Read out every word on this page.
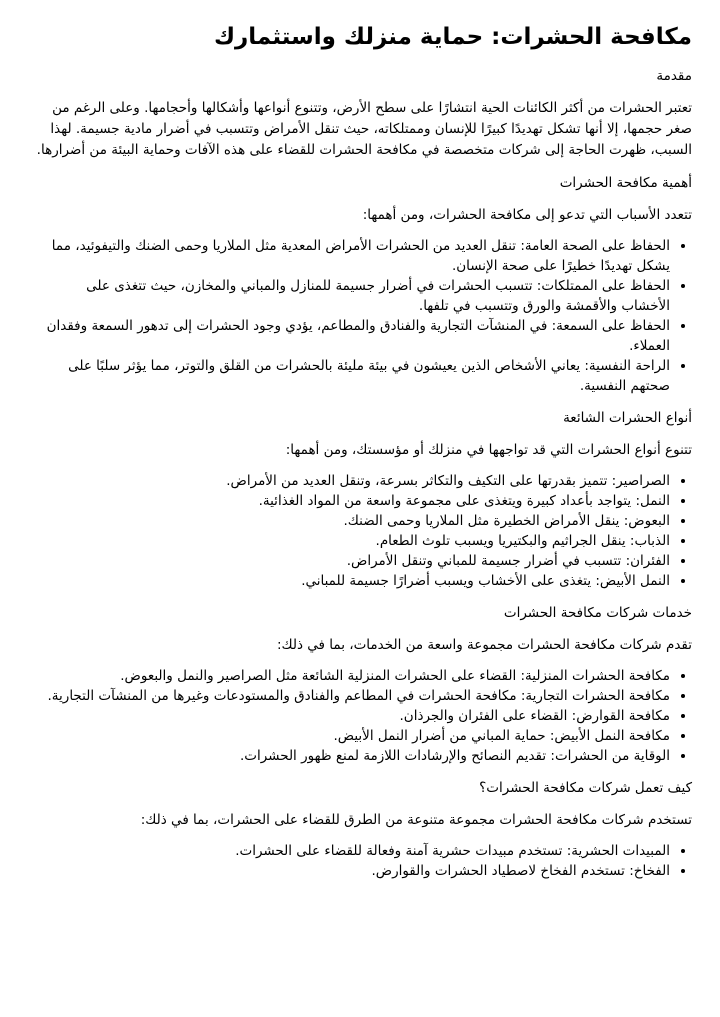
مكافحة الحشرات: حماية منزلك واستثمارك
مقدمة

تعتبر الحشرات من أكثر الكائنات الحية انتشارًا على سطح الأرض، وتتنوع أنواعها وأشكالها وأحجامها. وعلى الرغم من صغر حجمها، إلا أنها تشكل تهديدًا كبيرًا للإنسان وممتلكاته، حيث تنقل الأمراض وتتسبب في أضرار مادية جسيمة. لهذا السبب، ظهرت الحاجة إلى شركات متخصصة في مكافحة الحشرات للقضاء على هذه الآفات وحماية البيئة من أضرارها.

أهمية مكافحة الحشرات

تتعدد الأسباب التي تدعو إلى مكافحة الحشرات، ومن أهمها:

• الحفاظ على الصحة العامة: تنقل العديد من الحشرات الأمراض المعدية مثل الملاريا وحمى الضنك والتيفوئيد، مما يشكل تهديدًا خطيرًا على صحة الإنسان.
• الحفاظ على الممتلكات: تتسبب الحشرات في أضرار جسيمة للمنازل والمباني والمخازن، حيث تتغذى على الأخشاب والأقمشة والورق وتتسبب في تلفها.
• الحفاظ على السمعة: في المنشآت التجارية والفنادق والمطاعم، يؤدي وجود الحشرات إلى تدهور السمعة وفقدان العملاء.
• الراحة النفسية: يعاني الأشخاص الذين يعيشون في بيئة مليئة بالحشرات من القلق والتوتر، مما يؤثر سلبًا على صحتهم النفسية.
أنواع الحشرات الشائعة

تتنوع أنواع الحشرات التي قد تواجهها في منزلك أو مؤسستك، ومن أهمها:

• الصراصير: تتميز بقدرتها على التكيف والتكاثر بسرعة، وتنقل العديد من الأمراض.
• النمل: يتواجد بأعداد كبيرة ويتغذى على مجموعة واسعة من المواد الغذائية.
• البعوض: ينقل الأمراض الخطيرة مثل الملاريا وحمى الضنك.
• الذباب: ينقل الجراثيم والبكتيريا ويسبب تلوث الطعام.
• الفئران: تتسبب في أضرار جسيمة للمباني وتنقل الأمراض.
• النمل الأبيض: يتغذى على الأخشاب ويسبب أضرارًا جسيمة للمباني.
خدمات شركات مكافحة الحشرات

تقدم شركات مكافحة الحشرات مجموعة واسعة من الخدمات، بما في ذلك:

• مكافحة الحشرات المنزلية: القضاء على الحشرات المنزلية الشائعة مثل الصراصير والنمل والبعوض.
• مكافحة الحشرات التجارية: مكافحة الحشرات في المطاعم والفنادق والمستودعات وغيرها من المنشآت التجارية.
• مكافحة القوارض: القضاء على الفئران والجرذان.
• مكافحة النمل الأبيض: حماية المباني من أضرار النمل الأبيض.
• الوقاية من الحشرات: تقديم النصائح والإرشادات اللازمة لمنع ظهور الحشرات.
كيف تعمل شركات مكافحة الحشرات؟

تستخدم شركات مكافحة الحشرات مجموعة متنوعة من الطرق للقضاء على الحشرات، بما في ذلك:

• المبيدات الحشرية: تستخدم مبيدات حشرية آمنة وفعالة للقضاء على الحشرات.
• الفخاخ: تستخدم الفخاخ لاصطياد الحشرات والقوارض.
